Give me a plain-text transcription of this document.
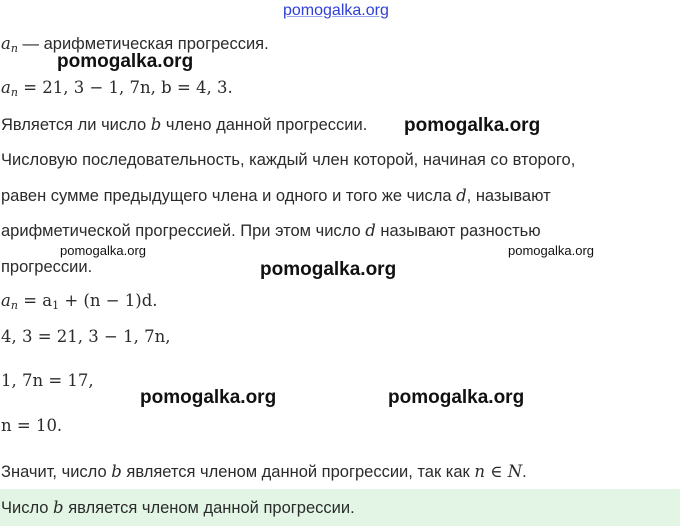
pomogalka.org
pomogalka.org
pomogalka.org
pomogalka.org	pomogalka.org
pomogalka.org
pomogalka.org	pomogalka.org
$a_n$ — арифметическая прогрессия.
$a_n = 21$, 3 − 1, 7n, b = 4, 3.
Является ли число b члено данной прогрессии.
Числовую последовательность, каждый член которой, начиная со второго,
равен сумме предыдущего члена и одного и того же числа d, называют
арифметической прогрессией. При этом число d называют разностью
прогрессии.
$a_n = a_1 + (n - 1)d$.
4, 3 = 21, 3 − 1, 7n,
1, 7n = 17,
n = 10.
Значит, число b является членом данной прогрессии, так как n ∈ N.
Число b является членом данной прогрессии.
